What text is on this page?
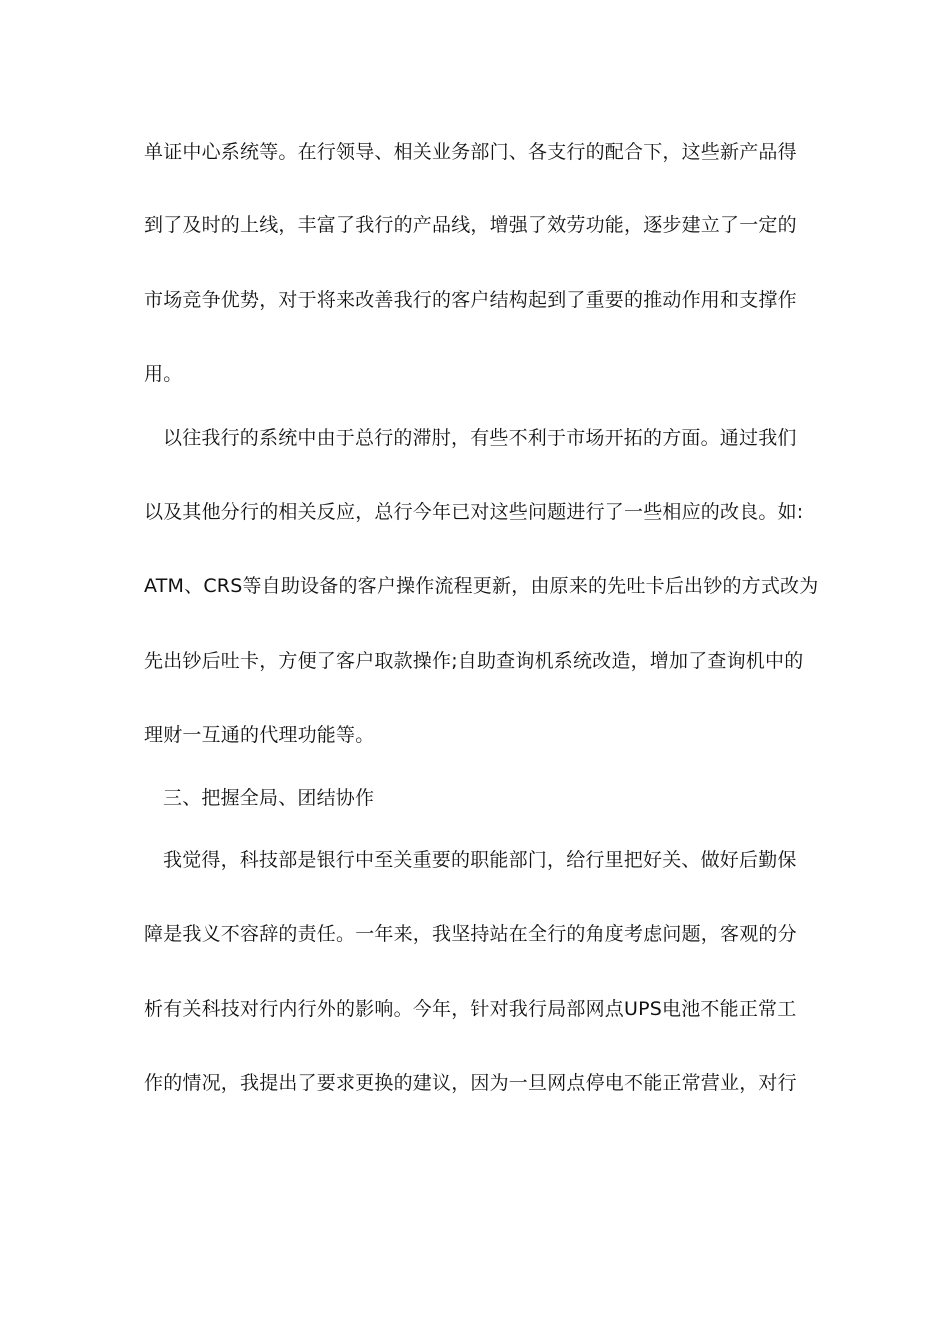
单证中心系统等。在行领导、相关业务部门、各支行的配合下，这些新产品得
到了及时的上线，丰富了我行的产品线，增强了效劳功能，逐步建立了一定的
市场竞争优势，对于将来改善我行的客户结构起到了重要的推动作用和支撑作
用。
以往我行的系统中由于总行的滞肘，有些不利于市场开拓的方面。通过我们
以及其他分行的相关反应，总行今年已对这些问题进行了一些相应的改良。如:
ATM、CRS等自助设备的客户操作流程更新，由原来的先吐卡后出钞的方式改为
先出钞后吐卡，方便了客户取款操作;自助查询机系统改造，增加了查询机中的
理财一互通的代理功能等。
三、把握全局、团结协作
我觉得，科技部是银行中至关重要的职能部门，给行里把好关、做好后勤保
障是我义不容辞的责任。一年来，我坚持站在全行的角度考虑问题，客观的分
析有关科技对行内行外的影响。今年，针对我行局部网点UPS电池不能正常工
作的情况，我提出了要求更换的建议，因为一旦网点停电不能正常营业，对行
